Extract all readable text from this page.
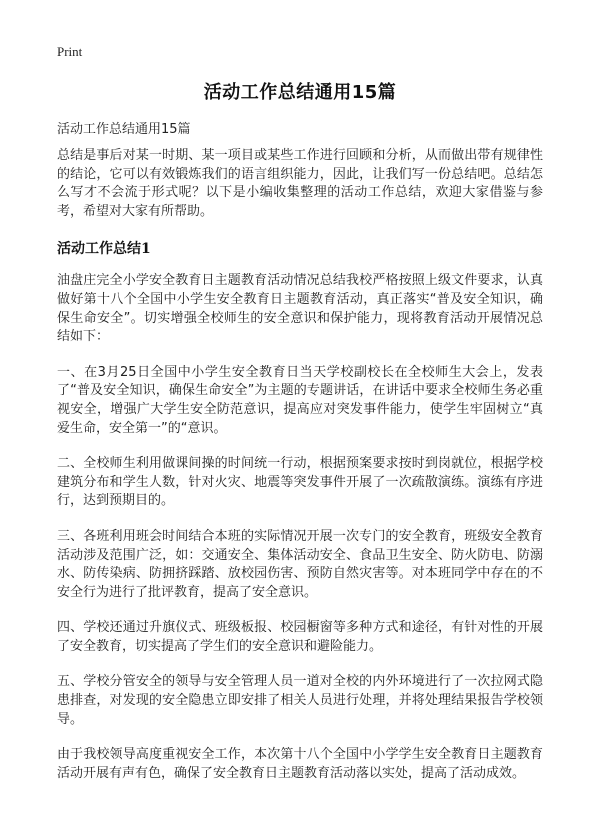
Print
活动工作总结通用15篇
活动工作总结通用15篇

总结是事后对某一时期、某一项目或某些工作进行回顾和分析，从而做出带有规律性的结论，它可以有效锻炼我们的语言组织能力，因此，让我们写一份总结吧。总结怎么写才不会流于形式呢？以下是小编收集整理的活动工作总结，欢迎大家借鉴与参考，希望对大家有所帮助。

活动工作总结1

油盘庄完全小学安全教育日主题教育活动情况总结我校严格按照上级文件要求，认真做好第十八个全国中小学生安全教育日主题教育活动，真正落实“普及安全知识，确保生命安全”。切实增强全校师生的安全意识和保护能力，现将教育活动开展情况总结如下：

一、在3月25日全国中小学生安全教育日当天学校副校长在全校师生大会上，发表了“普及安全知识，确保生命安全”为主题的专题讲话，在讲话中要求全校师生务必重视安全，增强广大学生安全防范意识，提高应对突发事件能力，使学生牢固树立“真爱生命，安全第一”的“意识。

二、全校师生利用做课间操的时间统一行动，根据预案要求按时到岗就位，根据学校建筑分布和学生人数，针对火灾、地震等突发事件开展了一次疏散演练。演练有序进行，达到预期目的。

三、各班利用班会时间结合本班的实际情况开展一次专门的安全教育，班级安全教育活动涉及范围广泛，如：交通安全、集体活动安全、食品卫生安全、防火防电、防溺水、防传染病、防拥挤踩踏、放校园伤害、预防自然灾害等。对本班同学中存在的不安全行为进行了批评教育，提高了安全意识。

四、学校还通过升旗仪式、班级板报、校园橱窗等多种方式和途径，有针对性的开展了安全教育，切实提高了学生们的安全意识和避险能力。

五、学校分管安全的领导与安全管理人员一道对全校的内外环境进行了一次拉网式隐患排查，对发现的安全隐患立即安排了相关人员进行处理，并将处理结果报告学校领导。

由于我校领导高度重视安全工作，本次第十八个全国中小学学生安全教育日主题教育活动开展有声有色，确保了安全教育日主题教育活动落以实处，提高了活动成效。
